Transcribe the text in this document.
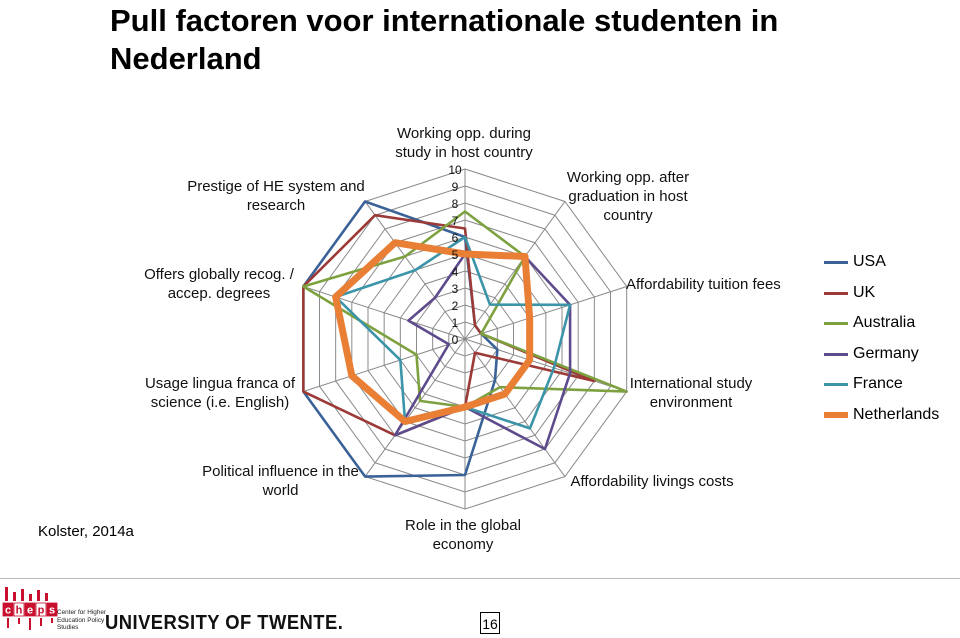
Pull factoren voor internationale studenten in Nederland
0
1
2
3
4
5
6
7
8
9
10
Working opp. during study in host country
Working opp. after graduation in host country
Affordability tuition fees
International study environment
Affordability livings costs
Role in the global economy
Political influence in the world
Usage lingua franca of science (i.e. English)
Offers globally recog. / accep. degrees
Prestige of HE system and research
USA
UK
Australia
Germany
France
Netherlands
Kolster, 2014a
c h e p s Center for Higher Education Policy Studies	UNIVERSITY OF TWENTE.	16
